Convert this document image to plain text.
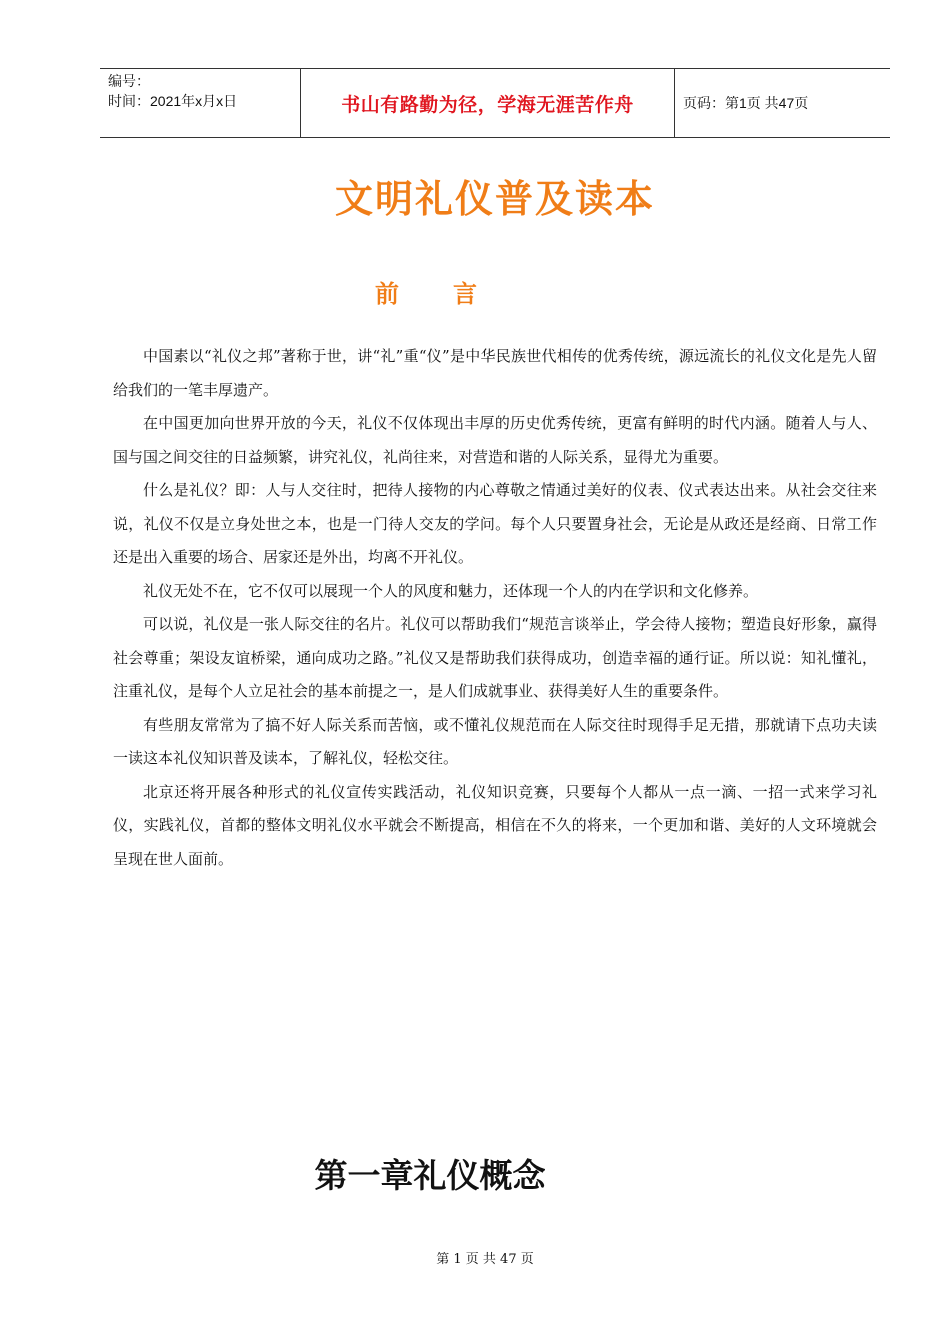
编号：
时间：2021年x月x日	书山有路勤为径，学海无涯苦作舟	页码：第1页 共47页
文明礼仪普及读本
前言

中国素以“礼仪之邦”著称于世，讲“礼”重“仪”是中华民族世代相传的优秀传统，源远流长的礼仪文化是先人留给我们的一笔丰厚遗产。

在中国更加向世界开放的今天，礼仪不仅体现出丰厚的历史优秀传统，更富有鲜明的时代内涵。随着人与人、国与国之间交往的日益频繁，讲究礼仪，礼尚往来，对营造和谐的人际关系，显得尤为重要。

什么是礼仪？即：人与人交往时，把待人接物的内心尊敬之情通过美好的仪表、仪式表达出来。从社会交往来说，礼仪不仅是立身处世之本，也是一门待人交友的学问。每个人只要置身社会，无论是从政还是经商、日常工作还是出入重要的场合、居家还是外出，均离不开礼仪。

礼仪无处不在，它不仅可以展现一个人的风度和魅力，还体现一个人的内在学识和文化修养。

可以说，礼仪是一张人际交往的名片。礼仪可以帮助我们“规范言谈举止，学会待人接物；塑造良好形象，赢得社会尊重；架设友谊桥梁，通向成功之路。”礼仪又是帮助我们获得成功，创造幸福的通行证。所以说：知礼懂礼，注重礼仪，是每个人立足社会的基本前提之一，是人们成就事业、获得美好人生的重要条件。

有些朋友常常为了搞不好人际关系而苦恼，或不懂礼仪规范而在人际交往时现得手足无措，那就请下点功夫读一读这本礼仪知识普及读本，了解礼仪，轻松交往。

北京还将开展各种形式的礼仪宣传实践活动，礼仪知识竞赛，只要每个人都从一点一滴、一招一式来学习礼仪，实践礼仪，首都的整体文明礼仪水平就会不断提高，相信在不久的将来，一个更加和谐、美好的人文环境就会呈现在世人面前。

第一章礼仪概念
第 1 页 共 47 页
